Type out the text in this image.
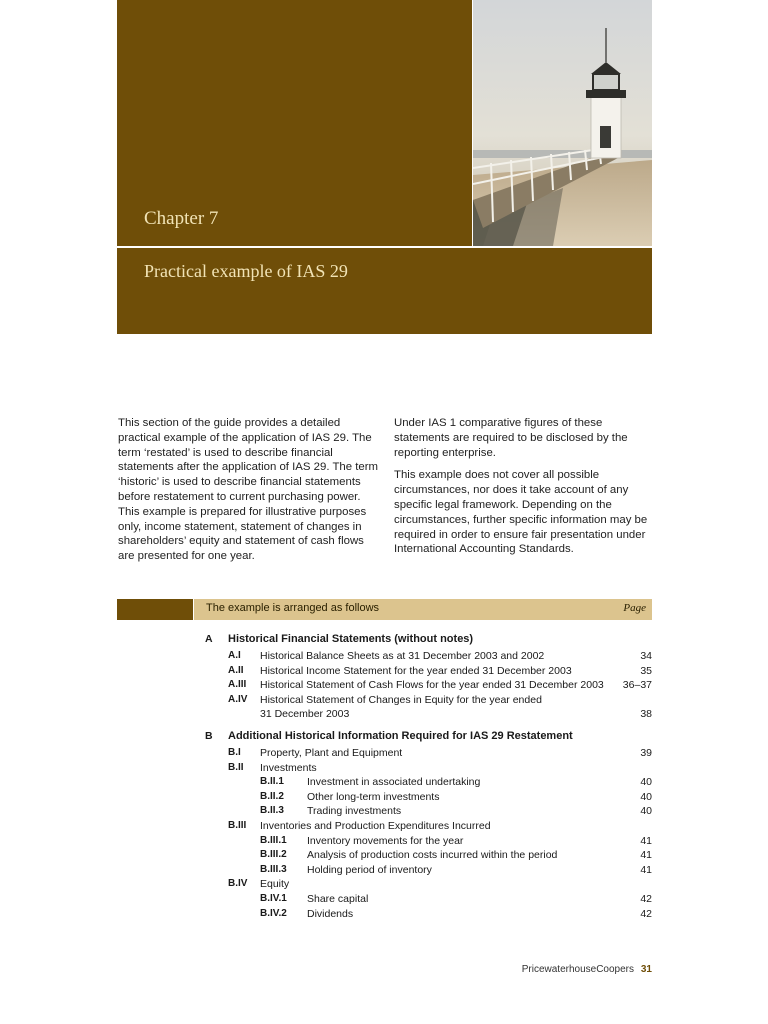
Chapter 7
Practical example of IAS 29

This section of the guide provides a detailed practical example of the application of IAS 29. The term ‘restated’ is used to describe financial statements after the application of IAS 29. The term ‘historic’ is used to describe financial statements before restatement to current purchasing power. This example is prepared for illustrative purposes only, income statement, statement of changes in shareholders’ equity and statement of cash flows are presented for one year.

Under IAS 1 comparative figures of these statements are required to be disclosed by the reporting enterprise.

This example does not cover all possible circumstances, nor does it take account of any specific legal framework. Depending on the circumstances, further specific information may be required in order to ensure fair presentation under International Accounting Standards.

The example is arranged as follows	Page
A Historical Financial Statements (without notes)
A.I Historical Balance Sheets as at 31 December 2003 and 2002	34
A.II Historical Income Statement for the year ended 31 December 2003	35
A.III Historical Statement of Cash Flows for the year ended 31 December 2003 36–37
A.IV Historical Statement of Changes in Equity for the year ended
31 December 2003	38
B Additional Historical Information Required for IAS 29 Restatement
B.I Property, Plant and Equipment	39
B.II Investments
B.II.1 Investment in associated undertaking	40
B.II.2 Other long-term investments	40
B.II.3 Trading investments	40
B.III Inventories and Production Expenditures Incurred
B.III.1 Inventory movements for the year	41
B.III.2 Analysis of production costs incurred within the period	41
B.III.3 Holding period of inventory	41
B.IV Equity
B.IV.1 Share capital	42
B.IV.2 Dividends	42
PricewaterhouseCoopers 31
